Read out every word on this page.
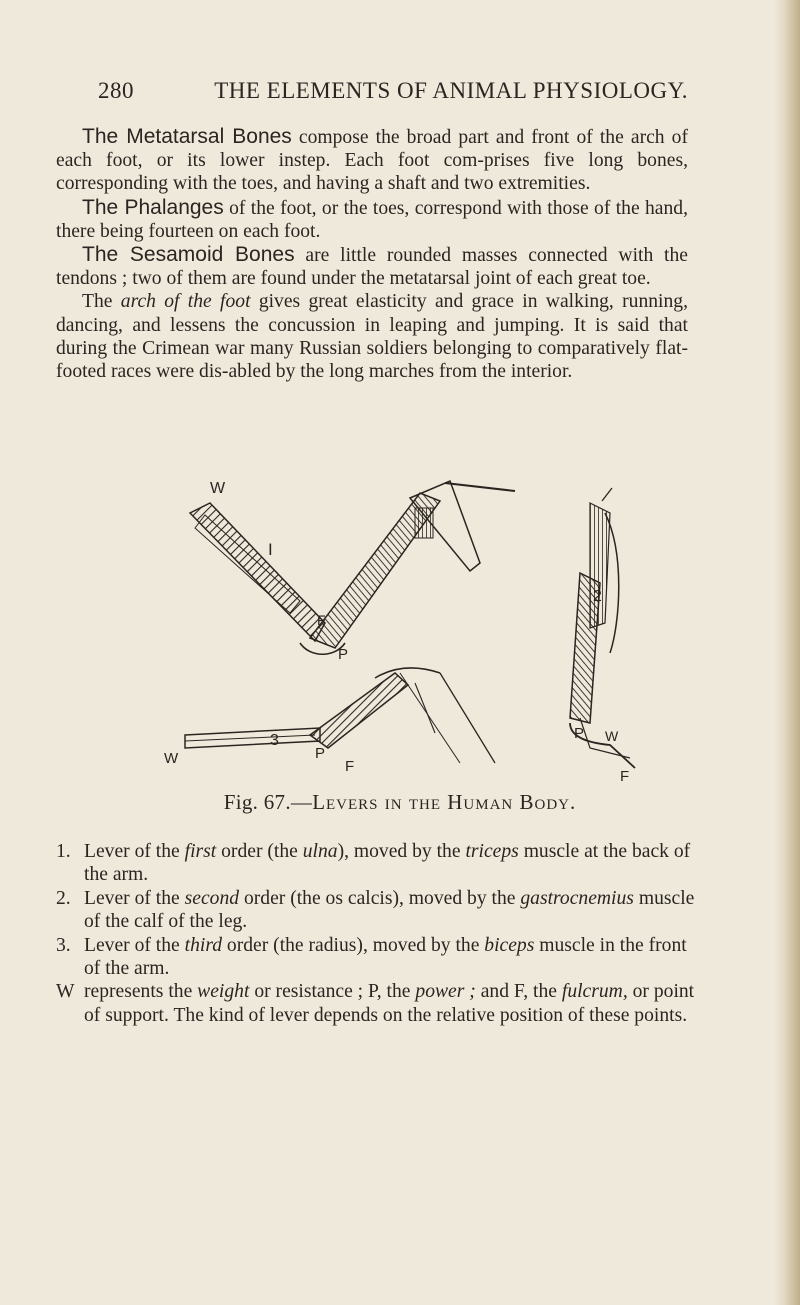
280	THE ELEMENTS OF ANIMAL PHYSIOLOGY.

The Metatarsal Bones compose the broad part and front of the arch of each foot, or its lower instep. Each foot com-prises five long bones, corresponding with the toes, and having a shaft and two extremities.

The Phalanges of the foot, or the toes, correspond with those of the hand, there being fourteen on each foot.

The Sesamoid Bones are little rounded masses connected with the tendons ; two of them are found under the metatarsal joint of each great toe.

The arch of the foot gives great elasticity and grace in walking, running, dancing, and lessens the concussion in leaping and jumping. It is said that during the Crimean war many Russian soldiers belonging to comparatively flat-footed races were dis-abled by the long marches from the interior.

W
I
F
P
2
P W
F
3
W	P
F
Fig. 67.—Levers in the Human Body.
1. Lever of the first order (the ulna), moved by the triceps muscle at the back of the arm.
2. Lever of the second order (the os calcis), moved by the gastrocnemius muscle of the calf of the leg.
3. Lever of the third order (the radius), moved by the biceps muscle in the front of the arm.
W represents the weight or resistance ; P, the power ; and F, the fulcrum, or point of support. The kind of lever depends on the relative position of these points.
